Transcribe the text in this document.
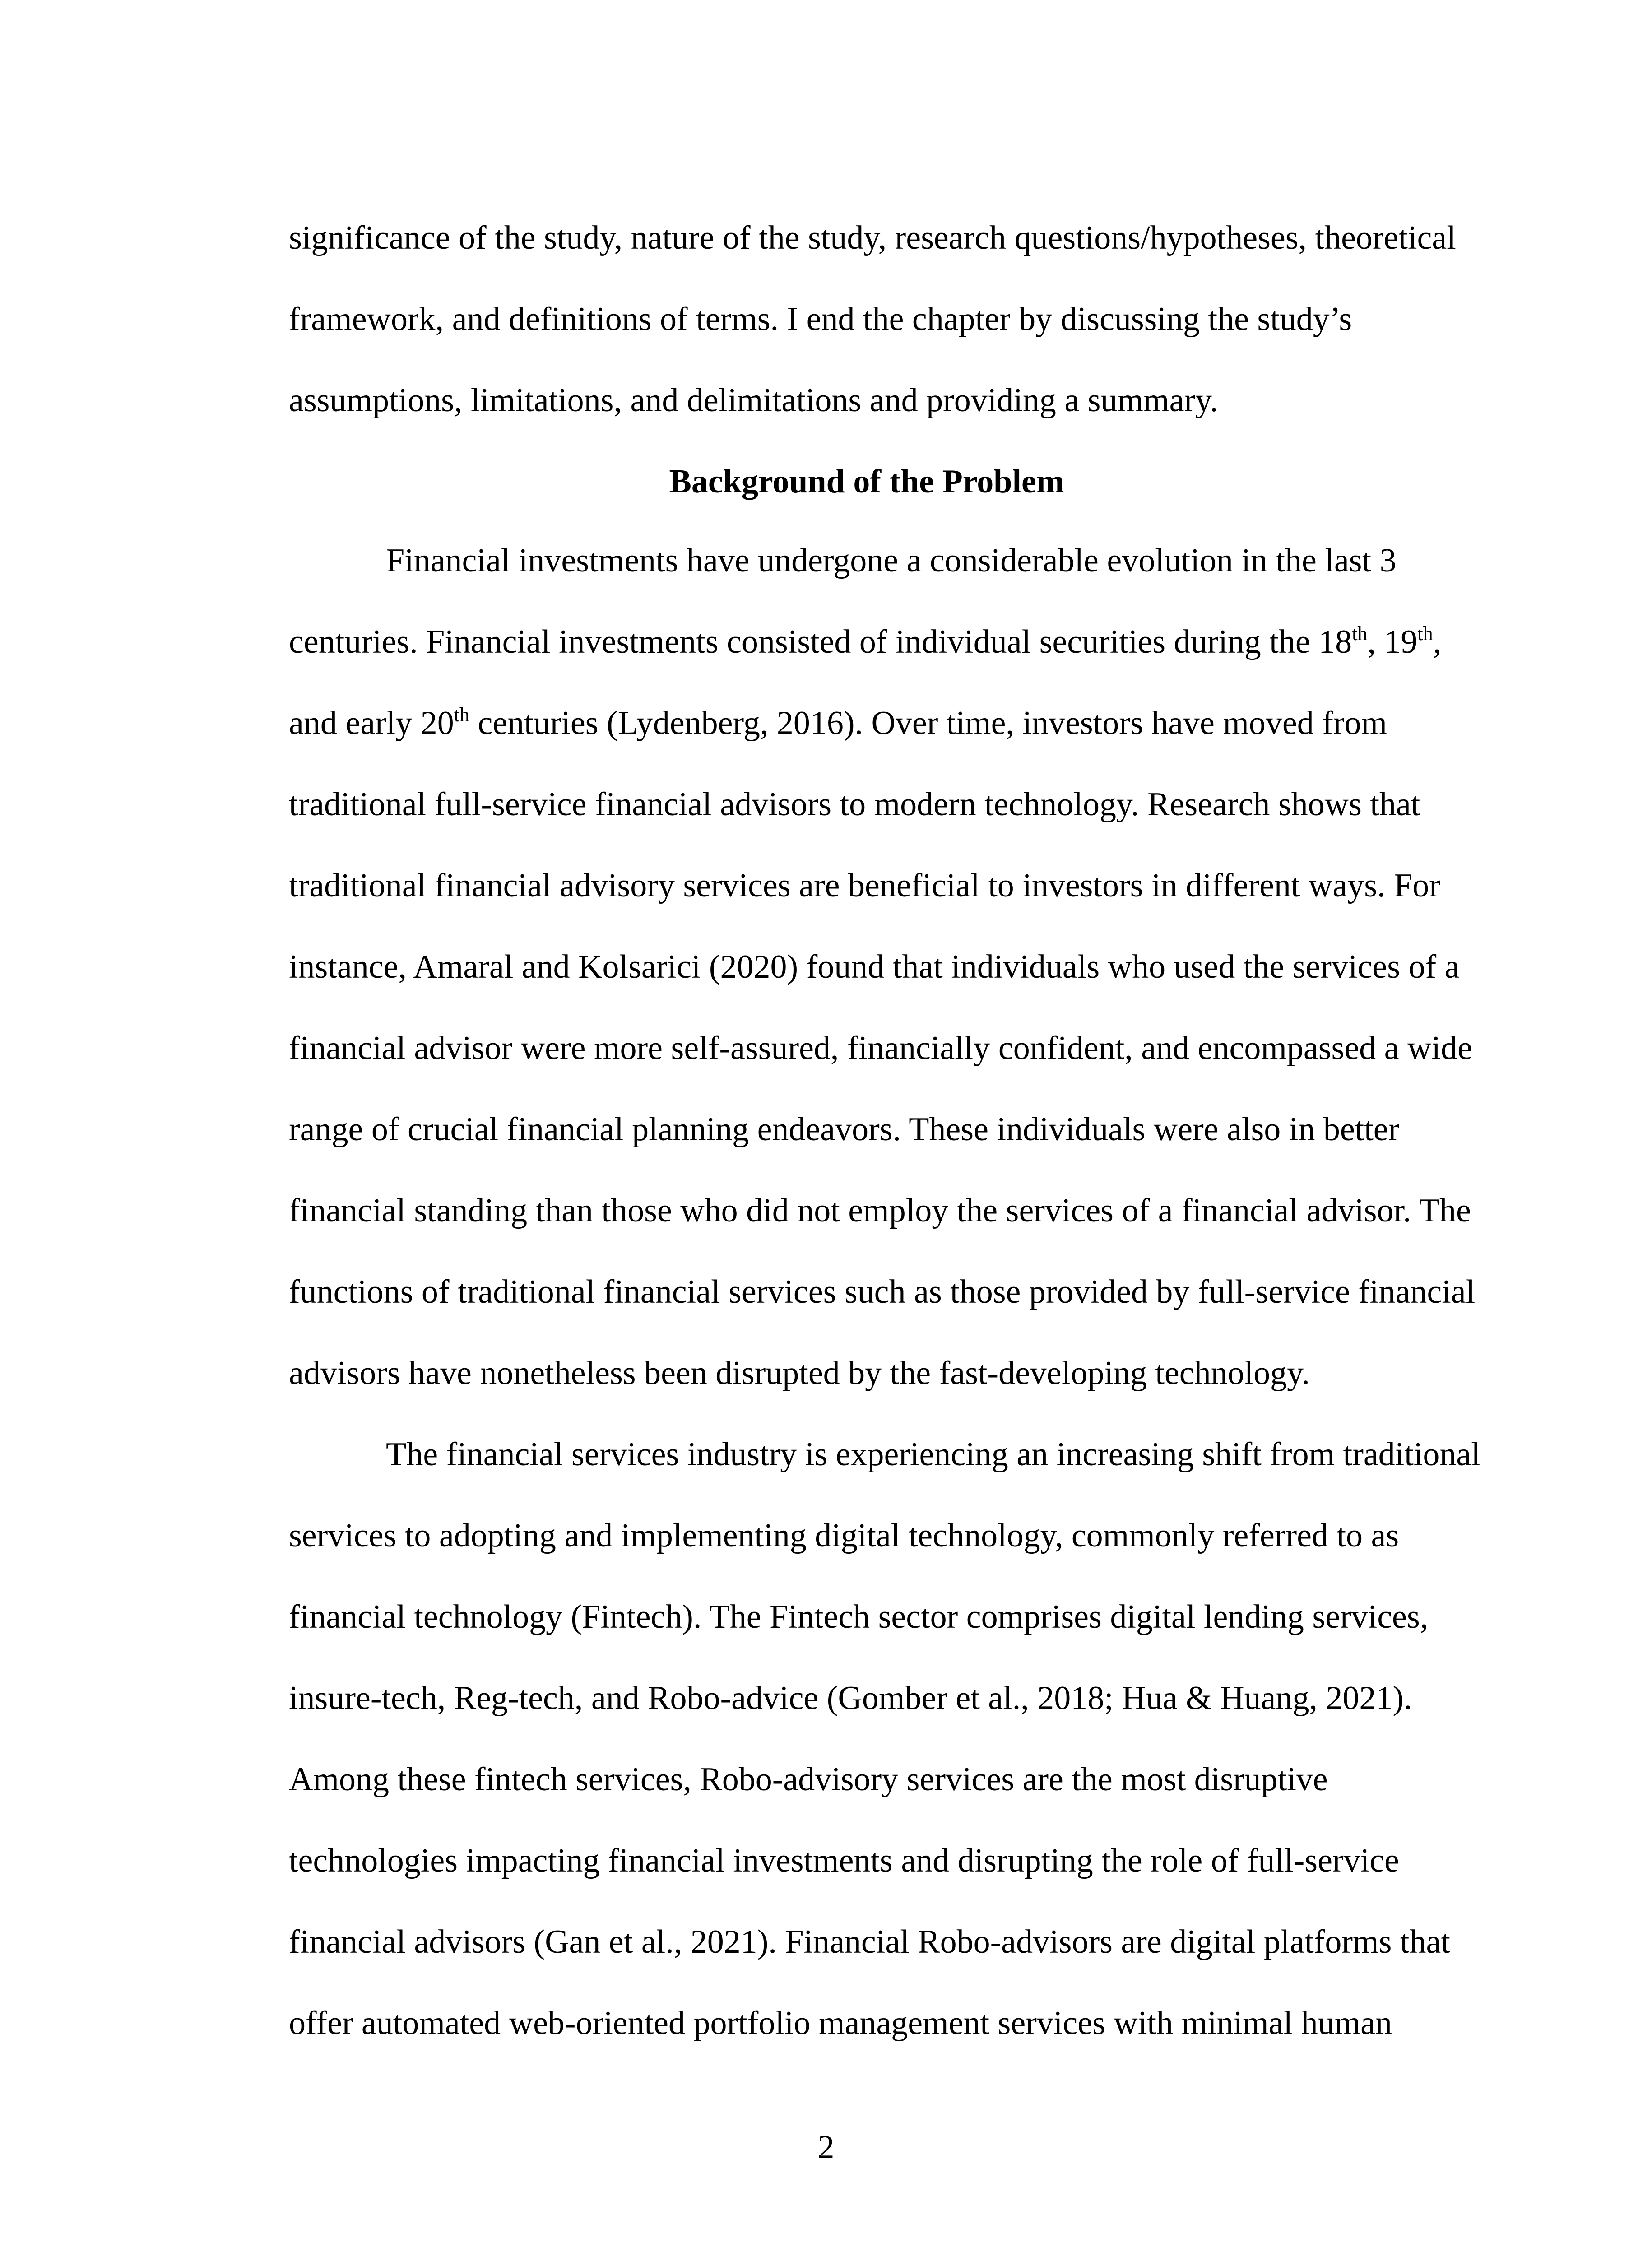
significance of the study, nature of the study, research questions/hypotheses, theoretical
framework, and definitions of terms. I end the chapter by discussing the study’s
assumptions, limitations, and delimitations and providing a summary.
Background of the Problem
Financial investments have undergone a considerable evolution in the last 3
centuries. Financial investments consisted of individual securities during the 18th, 19th,
and early 20th centuries (Lydenberg, 2016). Over time, investors have moved from
traditional full-service financial advisors to modern technology. Research shows that
traditional financial advisory services are beneficial to investors in different ways. For
instance, Amaral and Kolsarici (2020) found that individuals who used the services of a
financial advisor were more self-assured, financially confident, and encompassed a wide
range of crucial financial planning endeavors. These individuals were also in better
financial standing than those who did not employ the services of a financial advisor. The
functions of traditional financial services such as those provided by full-service financial
advisors have nonetheless been disrupted by the fast-developing technology.
The financial services industry is experiencing an increasing shift from traditional
services to adopting and implementing digital technology, commonly referred to as
financial technology (Fintech). The Fintech sector comprises digital lending services,
insure-tech, Reg-tech, and Robo-advice (Gomber et al., 2018; Hua & Huang, 2021).
Among these fintech services, Robo-advisory services are the most disruptive
technologies impacting financial investments and disrupting the role of full-service
financial advisors (Gan et al., 2021). Financial Robo-advisors are digital platforms that
offer automated web-oriented portfolio management services with minimal human
2
